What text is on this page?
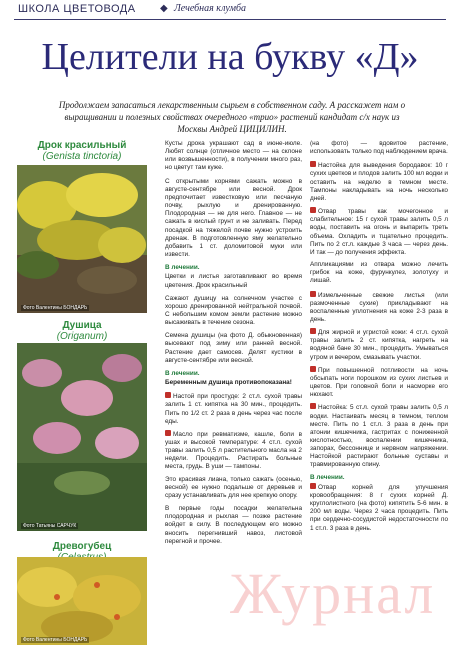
ШКОЛА ЦВЕТОВОДА ◆ Лечебная клумба
Целители на букву «Д»
Продолжаем запасаться лекарственным сырьем в собственном саду. А расскажет нам о выращивании и полезных свойствах очередного «трио» растений кандидат с/х наук из Москвы Андрей ЦИЦИЛИН.
Дрок красильный
(Genista tinctoria)
Фото Валентины БОНДАРЬ
Душица
(Origanum)
Фото Татьяны САРЧУК
Древогубец
Фото Валентины БОНДАРЬ

Кусты дрока украшают сад в июне-июле. Любят солнце (отличное место — на склоне или возвышенности), в получении много раз, но цветут там куже.

С открытыми корнями сажать можно в августе-сентябре или весной. Дрок предпочитает известковую или песчаную почву, рыхлую и дренированную. Плодородная — не для него. Главное — не сажать в кислый грунт и не заливать. Перед посадкой на тяжелой почве нужно устроить дренаж. В подготовленную яму желательно добавить 1 ст. доломитовой муки или извести.

В лечении.

Цветки и листья заготавливают во время цветения. Дрок красильный

Сажают душицу на солнечном участке с хорошо дренированной нейтральной почвой. С небольшим комом земли растение можно высаживать в течение сезона.

Семена душицы (на фото Д. обыкновенная) высевают под зиму или ранней весной. Растение дает самосев. Делят кустики в августе-сентябре или весной.

В лечении.

Беременным душица противопоказана!

Настой при простуде: 2 ст.л. сухой травы залить 1 ст. кипятка на 30 мин., процедить. Пить по 1/2 ст. 2 раза в день через час после еды.

Масло при ревматизме, кашле, боли в ушах и высокой температуре: 4 ст.л. сухой травы залить 0,5 л растительного масла на 2 недели. Процедить. Растирать больные места, грудь. В уши — тампоны.

Это красивая лиана, только сажать (осенью, весной) ее нужно подальше от деревьев и сразу устанавливать для нее крепкую опору.

В первые годы посадки желательна плодородная и рыхлая — позже растение войдет в силу. В последующем его можно вносить перегнивший навоз, листовой перегной и прочее.

(на фото) — вдовитое растение, использовать только под наблюдением врача.

Настойка для выведения бородавок: 10 г сухих цветков и плодов залить 100 мл водки и оставить на неделю в темном месте. Тампоны накладывать на ночь несколько дней.

Отвар травы как мочегонное и слабительное: 15 г сухой травы залить 0,5 л воды, поставить на огонь и выпарить треть объема. Охладить и тщательно процедить. Пить по 2 ст.л. каждые 3 часа — через день. И так — до получения эффекта.

Аппликациями из отвара можно лечить грибок на коже, фурункулез, золотуху и лишай.

Измельченные свежие листья (или размоченные сухие) прикладывают на воспаленные уплотнения на коже 2-3 раза в день.

Для жирной и угристой кожи: 4 ст.л. сухой травы залить 2 ст. кипятка, нагреть на водяной бане 30 мин., процедить. Умываться утром и вечером, смазывать участки.

При повышенной потливости на ночь обсыпать ноги порошком из сухих листьев и цветов. При головной боли и насморке его нюхают.

Настойка: 5 ст.л. сухой травы залить 0,5 л водки. Настаивать месяц в темном, теплом месте. Пить по 1 ст.л. 3 раза в день при атонии кишечника, гастритах с пониженной кислотностью, воспалении кишечника, запорах, бессоннице и нервном напряжении. Настойкой растирают больные суставы и травмированную спину.

В лечении.

Отвар корней для улучшения кровообращения: 8 г сухих корней Д. круглолистного (на фото) кипятить 5-6 мин. в 200 мл воды. Через 2 часа процедить. Пить при сердечно-сосудистой недостаточности по 1 ст.л. 3 раза в день.

Журнал
